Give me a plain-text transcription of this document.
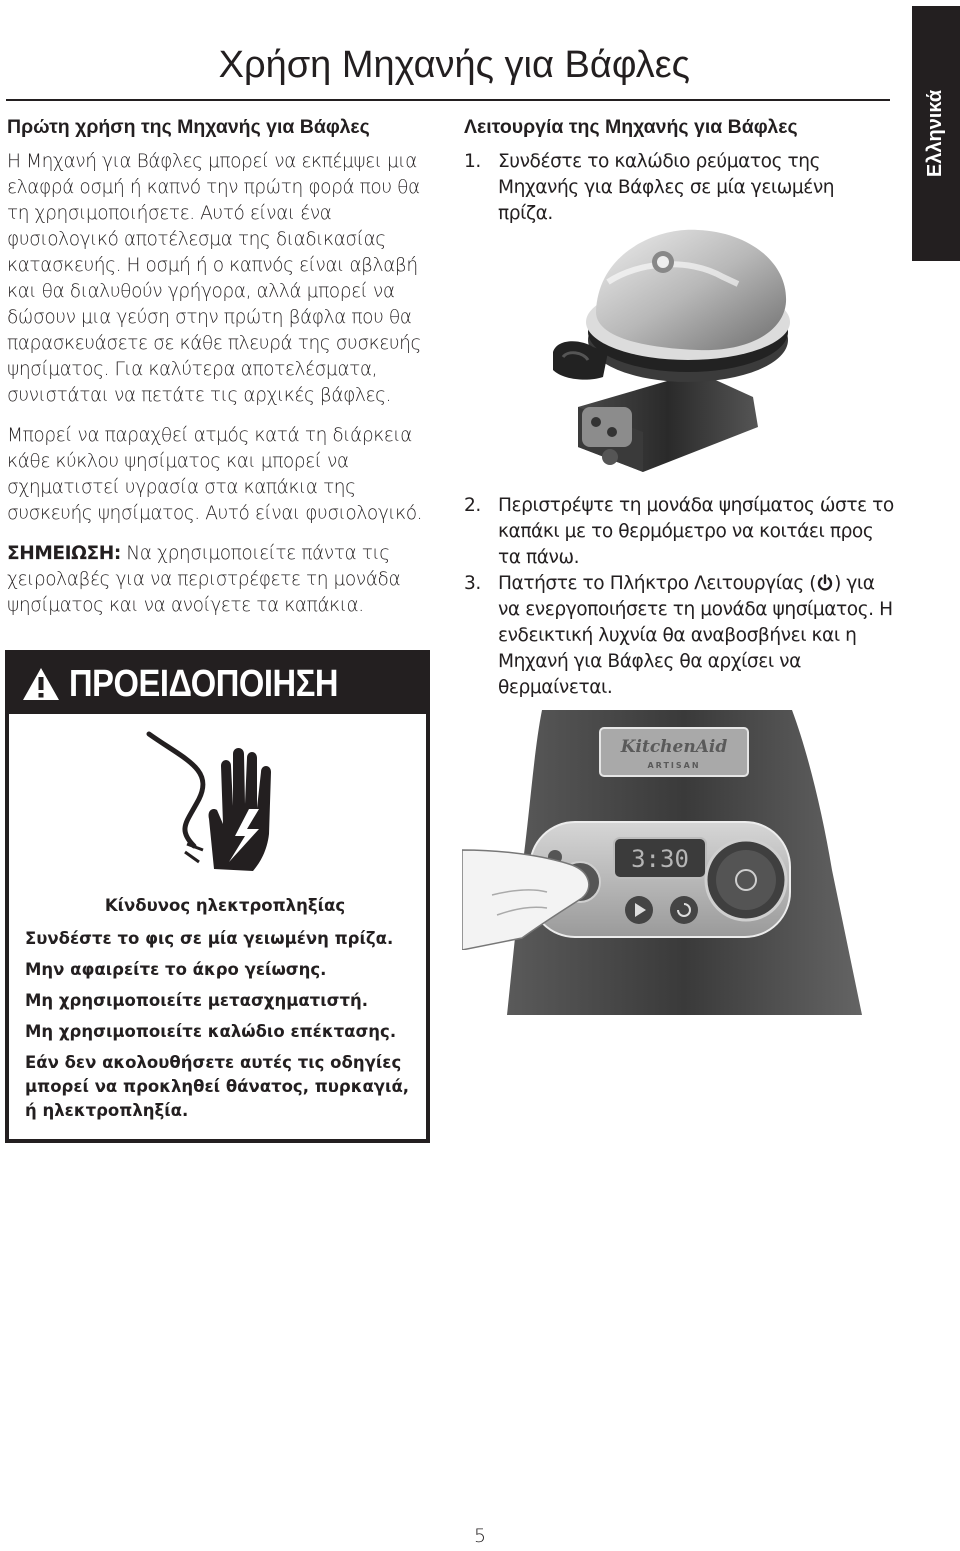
Χρήση Μηχανής για Βάφλες
Ελληνικά
Πρώτη χρήση της Μηχανής για Βάφλες

Η Μηχανή για Βάφλες μπορεί να εκπέμψει μια ελαφρά οσμή ή καπνό την πρώτη φορά που θα τη χρησιμοποιήσετε. Αυτό είναι ένα φυσιολογικό αποτέλεσμα της διαδικασίας κατασκευής. Η οσμή ή ο καπνός είναι αβλαβή και θα διαλυθούν γρήγορα, αλλά μπορεί να δώσουν μια γεύση στην πρώτη βάφλα που θα παρασκευάσετε σε κάθε πλευρά της συσκευής ψησίματος. Για καλύτερα αποτελέσματα, συνιστάται να πετάτε τις αρχικές βάφλες.

Μπορεί να παραχθεί ατμός κατά τη διάρκεια κάθε κύκλου ψησίματος και μπορεί να σχηματιστεί υγρασία στα καπάκια της συσκευής ψησίματος. Αυτό είναι φυσιολογικό.

ΣΗΜΕΙΩΣΗ: Να χρησιμοποιείτε πάντα τις χειρολαβές για να περιστρέφετε τη μονάδα ψησίματος και να ανοίγετε τα καπάκια.

ΠΡΟΕΙΔΟΠΟΙΗΣΗ
Κίνδυνος ηλεκτροπληξίας
Συνδέστε το φις σε μία γειωμένη πρίζα.
Μην αφαιρείτε το άκρο γείωσης.
Μη χρησιμοποιείτε μετασχηματιστή.
Μη χρησιμοποιείτε καλώδιο επέκτασης.
Εάν δεν ακολουθήσετε αυτές τις οδηγίες μπορεί να προκληθεί θάνατος, πυρκαγιά, ή ηλεκτροπληξία.
Λειτουργία της Μηχανής για Βάφλες
1. Συνδέστε το καλώδιο ρεύματος της Μηχανής για Βάφλες σε μία γειωμένη πρίζα.
2. Περιστρέψτε τη μονάδα ψησίματος ώστε το καπάκι με το θερμόμετρο να κοιτάει προς τα πάνω.
3. Πατήστε το Πλήκτρο Λειτουργίας ( ) για να ενεργοποιήσετε τη μονάδα ψησίματος. Η ενδεικτική λυχνία θα αναβοσβήνει και η Μηχανή για Βάφλες θα αρχίσει να θερμαίνεται.
KitchenAid
ARTISAN
3:30
5
